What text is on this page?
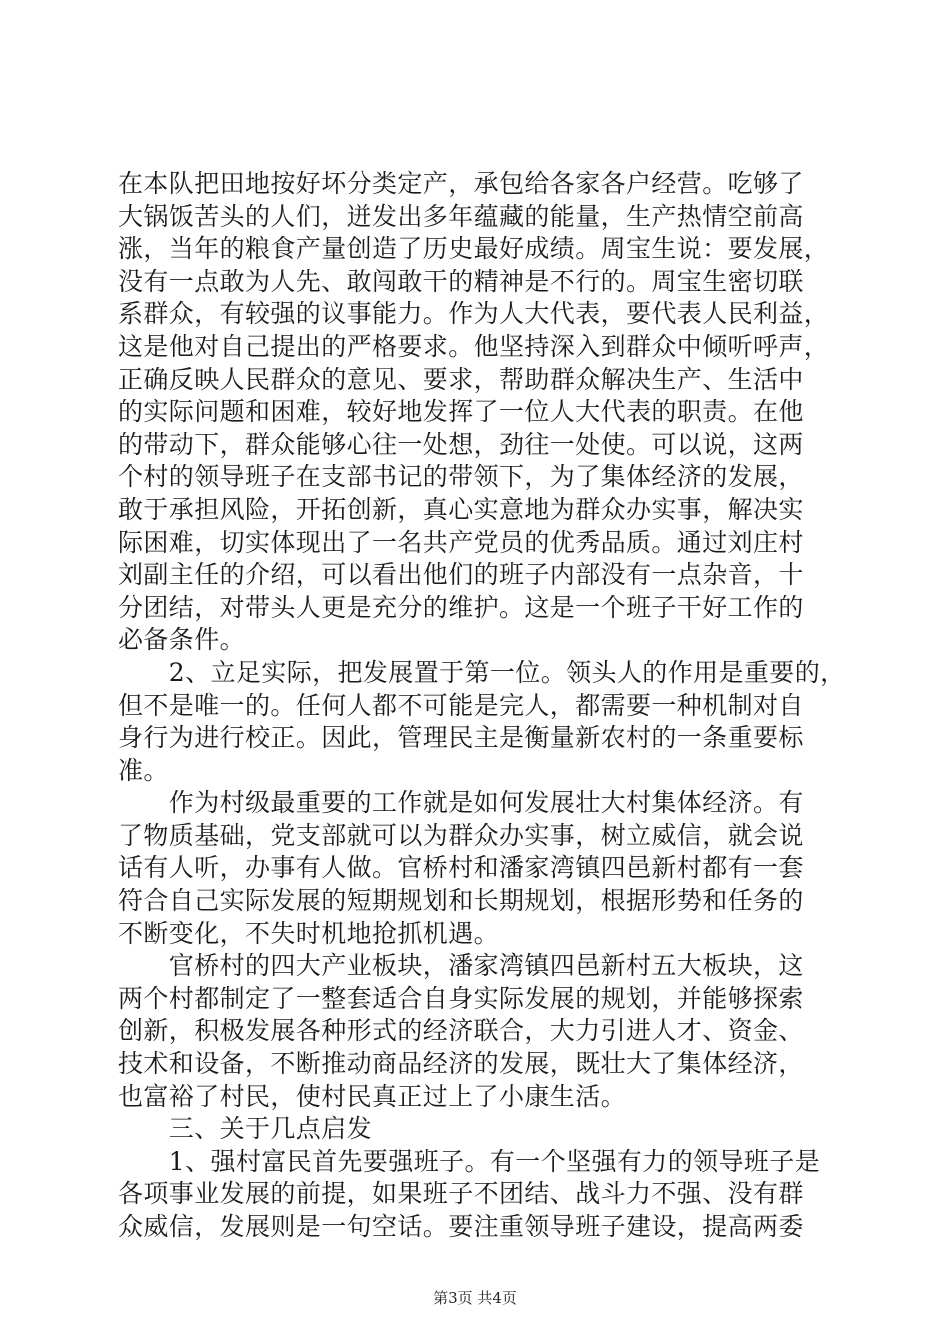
在本队把田地按好坏分类定产，承包给各家各户经营。吃够了
大锅饭苦头的人们，迸发出多年蕴藏的能量，生产热情空前高
涨，当年的粮食产量创造了历史最好成绩。周宝生说：要发展，
没有一点敢为人先、敢闯敢干的精神是不行的。周宝生密切联
系群众，有较强的议事能力。作为人大代表，要代表人民利益，
这是他对自己提出的严格要求。他坚持深入到群众中倾听呼声，
正确反映人民群众的意见、要求，帮助群众解决生产、生活中
的实际问题和困难，较好地发挥了一位人大代表的职责。在他
的带动下，群众能够心往一处想，劲往一处使。可以说，这两
个村的领导班子在支部书记的带领下，为了集体经济的发展，
敢于承担风险，开拓创新，真心实意地为群众办实事，解决实
际困难，切实体现出了一名共产党员的优秀品质。通过刘庄村
刘副主任的介绍，可以看出他们的班子内部没有一点杂音，十
分团结，对带头人更是充分的维护。这是一个班子干好工作的
必备条件。
　　2、立足实际，把发展置于第一位。领头人的作用是重要的，
但不是唯一的。任何人都不可能是完人，都需要一种机制对自
身行为进行校正。因此，管理民主是衡量新农村的一条重要标
准。
　　作为村级最重要的工作就是如何发展壮大村集体经济。有
了物质基础，党支部就可以为群众办实事，树立威信，就会说
话有人听，办事有人做。官桥村和潘家湾镇四邑新村都有一套
符合自己实际发展的短期规划和长期规划，根据形势和任务的
不断变化，不失时机地抢抓机遇。
　　官桥村的四大产业板块，潘家湾镇四邑新村五大板块，这
两个村都制定了一整套适合自身实际发展的规划，并能够探索
创新，积极发展各种形式的经济联合，大力引进人才、资金、
技术和设备，不断推动商品经济的发展，既壮大了集体经济，
也富裕了村民，使村民真正过上了小康生活。
　　三、关于几点启发
　　1、强村富民首先要强班子。有一个坚强有力的领导班子是
各项事业发展的前提，如果班子不团结、战斗力不强、没有群
众威信，发展则是一句空话。要注重领导班子建设，提高两委
第3页 共4页
